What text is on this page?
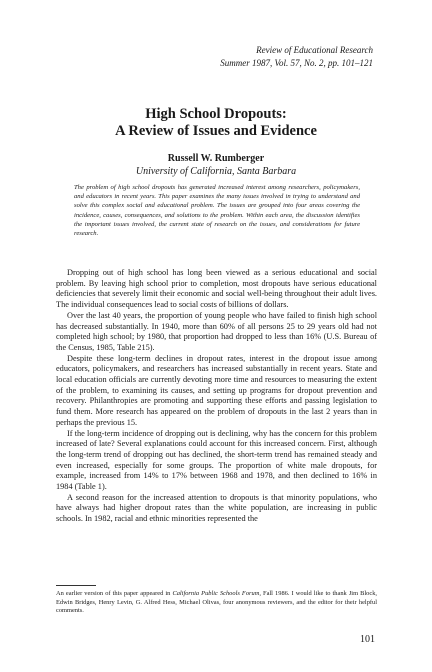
Review of Educational Research
Summer 1987, Vol. 57, No. 2, pp. 101–121
High School Dropouts:
A Review of Issues and Evidence
Russell W. Rumberger
University of California, Santa Barbara

The problem of high school dropouts has generated increased interest among researchers, policymakers, and educators in recent years. This paper examines the many issues involved in trying to understand and solve this complex social and educational problem. The issues are grouped into four areas covering the incidence, causes, consequences, and solutions to the problem. Within each area, the discussion identifies the important issues involved, the current state of research on the issues, and considerations for future research.

Dropping out of high school has long been viewed as a serious educational and social problem. By leaving high school prior to completion, most dropouts have serious educational deficiencies that severely limit their economic and social well-being throughout their adult lives. The individual consequences lead to social costs of billions of dollars.

Over the last 40 years, the proportion of young people who have failed to finish high school has decreased substantially. In 1940, more than 60% of all persons 25 to 29 years old had not completed high school; by 1980, that proportion had dropped to less than 16% (U.S. Bureau of the Census, 1985, Table 215).

Despite these long-term declines in dropout rates, interest in the dropout issue among educators, policymakers, and researchers has increased substantially in recent years. State and local education officials are currently devoting more time and resources to measuring the extent of the problem, to examining its causes, and setting up programs for dropout prevention and recovery. Philanthropies are promoting and supporting these efforts and passing legislation to fund them. More research has appeared on the problem of dropouts in the last 2 years than in perhaps the previous 15.

If the long-term incidence of dropping out is declining, why has the concern for this problem increased of late? Several explanations could account for this increased concern. First, although the long-term trend of dropping out has declined, the short-term trend has remained steady and even increased, especially for some groups. The proportion of white male dropouts, for example, increased from 14% to 17% between 1968 and 1978, and then declined to 16% in 1984 (Table 1).

A second reason for the increased attention to dropouts is that minority populations, who have always had higher dropout rates than the white population, are increasing in public schools. In 1982, racial and ethnic minorities represented the

An earlier version of this paper appeared in California Public Schools Forum, Fall 1986. I would like to thank Jim Block, Edwin Bridges, Henry Levin, G. Alfred Hess, Michael Olivas, four anonymous reviewers, and the editor for their helpful comments.

101
